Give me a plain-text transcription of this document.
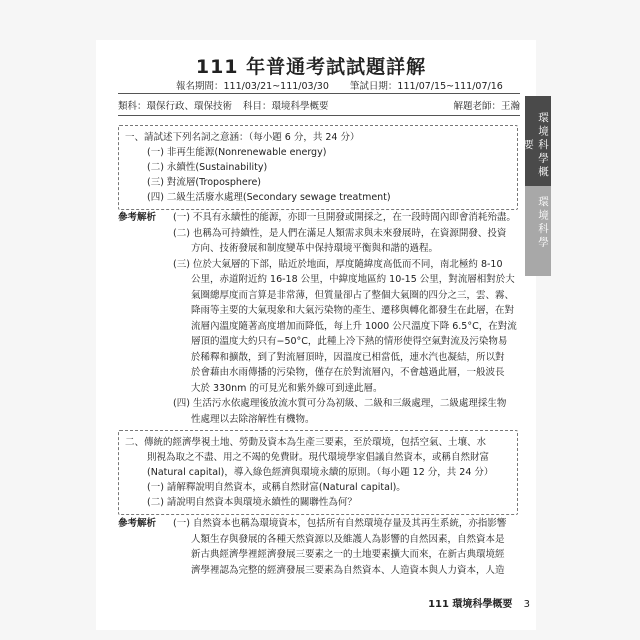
111 年普通考試試題詳解
報名期間：111/03/21~111/03/30 筆試日期：111/07/15~111/07/16
類科：環保行政、環保技術 科目：環境科學概要	解題老師：王瀚
環境科學概要
環境科學
一、請試述下列名詞之意涵：（每小題 6 分，共 24 分）
(一) 非再生能源(Nonrenewable energy)
(二) 永續性(Sustainability)
(三) 對流層(Troposphere)
(四) 二級生活廢水處理(Secondary sewage treatment)
參考解析 (一) 不具有永續性的能源，亦即一旦開發或開採之，在一段時間內即會消耗殆盡。
(二) 也稱為可持續性，是人們在滿足人類需求與未來發展時，在資源開發、投資
方向、技術發展和制度變革中保持環境平衡與和諧的過程。
(三) 位於大氣層的下部，貼近於地面，厚度隨緯度高低而不同，南北極約 8-10
公里，赤道附近約 16-18 公里，中緯度地區約 10-15 公里，對流層相對於大
氣圈總厚度而言算是非常薄，但質量卻占了整個大氣圈的四分之三，雲、霧、
降雨等主要的大氣現象和大氣污染物的產生、遷移與轉化都發生在此層，在對
流層內溫度隨著高度增加而降低，每上升 1000 公尺溫度下降 6.5°C，在對流
層頂的溫度大約只有−50°C，此種上冷下熱的情形使得空氣對流及污染物易
於稀釋和擴散，到了對流層頂時，因溫度已相當低，連水汽也凝結，所以對
於會藉由水雨傳播的污染物，僅存在於對流層內，不會越過此層，一般波長
大於 330nm 的可見光和紫外線可到達此層。
(四) 生活污水依處理後放流水質可分為初級、二級和三級處理，二級處理採生物
性處理以去除溶解性有機物。
二、傳統的經濟學視土地、勞動及資本為生產三要素，至於環境，包括空氣、土壤、水
則視為取之不盡、用之不竭的免費財。現代環境學家倡議自然資本，或稱自然財富
(Natural capital)，導入綠色經濟與環境永續的原則。（每小題 12 分，共 24 分）
(一) 請解釋說明自然資本，或稱自然財富(Natural capital)。
(二) 請說明自然資本與環境永續性的關聯性為何？
參考解析 (一) 自然資本也稱為環境資本，包括所有自然環境存量及其再生系統，亦指影響
人類生存與發展的各種天然資源以及維護人為影響的自然因素，自然資本是
新古典經濟學裡經濟發展三要素之一的土地要素擴大而來，在新古典環境經
濟學裡認為完整的經濟發展三要素為自然資本、人造資本與人力資本，人造
111 環境科學概要 3
